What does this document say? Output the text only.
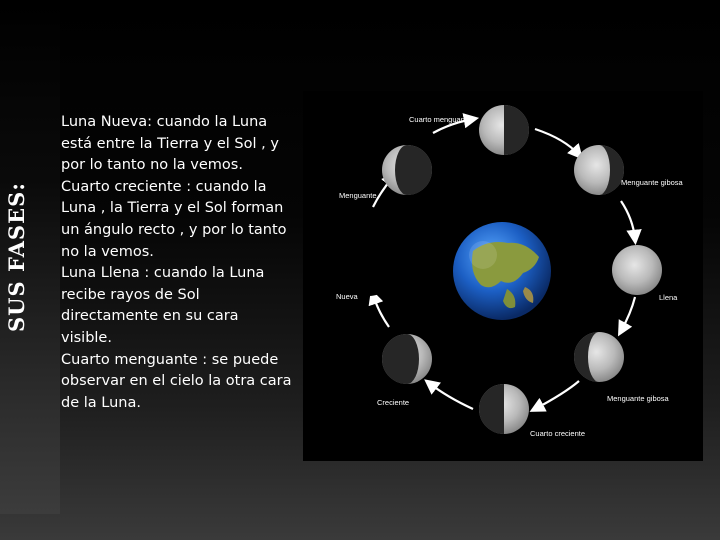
SUS FASES:

Luna Nueva: cuando la Luna está entre la Tierra y el Sol , y por lo tanto no la vemos.

Cuarto creciente : cuando la Luna , la Tierra y el Sol forman un ángulo recto , y por lo tanto no la vemos.

Luna Llena : cuando la Luna recibe rayos de Sol directamente en su cara visible.

Cuarto menguante : se puede observar en el cielo la otra cara de la Luna.

Cuarto menguante
Menguante gibosa
Llena
Menguante gibosa
Cuarto creciente
Creciente
Nueva
Menguante
